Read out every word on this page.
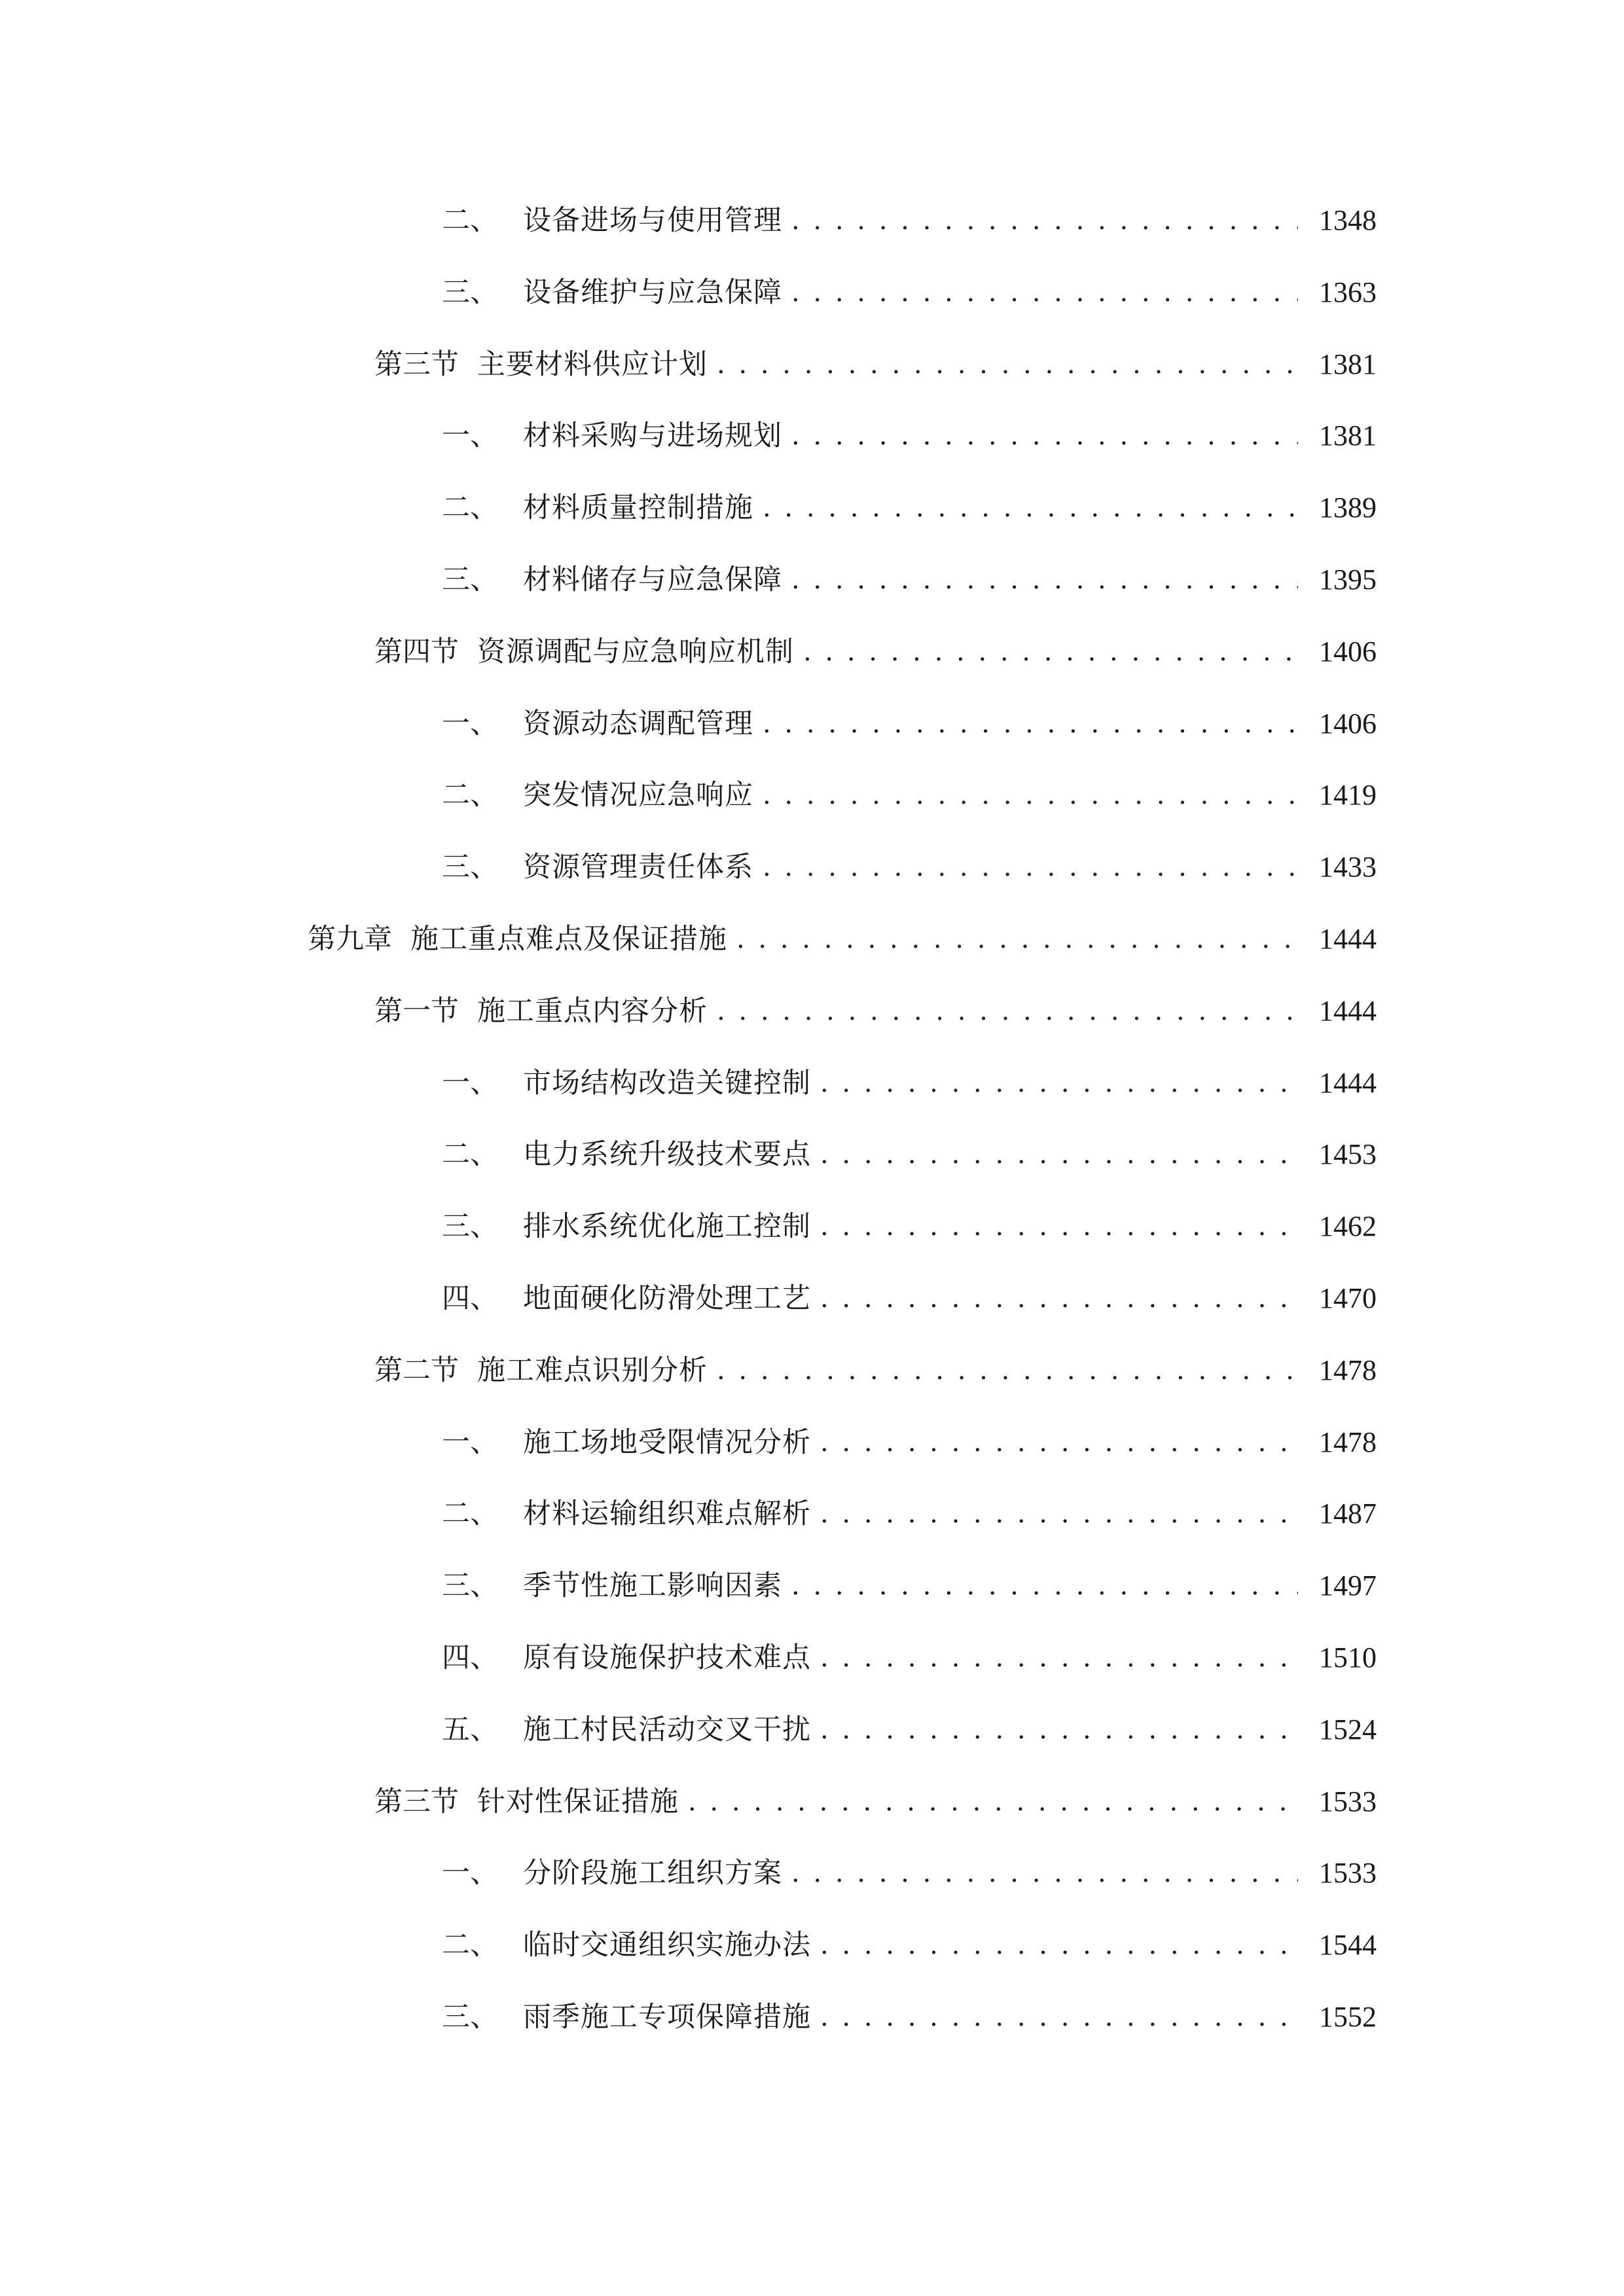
二、 设备进场与使用管理 . . .	1348
三、 设备维护与应急保障 . . .	1363
第三节 主要材料供应计划 . . .	1381
一、 材料采购与进场规划 . . .	1381
二、 材料质量控制措施 . . .	1389
三、 材料储存与应急保障 . . .	1395
第四节 资源调配与应急响应机制 . . .	1406
一、 资源动态调配管理 . . .	1406
二、 突发情况应急响应 . . .	1419
三、 资源管理责任体系 . . .	1433
第九章 施工重点难点及保证措施 . . .	1444
第一节 施工重点内容分析 . . .	1444
一、 市场结构改造关键控制 . . .	1444
二、 电力系统升级技术要点 . . .	1453
三、 排水系统优化施工控制 . . .	1462
四、 地面硬化防滑处理工艺 . . .	1470
第二节 施工难点识别分析 . . .	1478
一、 施工场地受限情况分析 . . .	1478
二、 材料运输组织难点解析 . . .	1487
三、 季节性施工影响因素 . . .	1497
四、 原有设施保护技术难点 . . .	1510
五、 施工村民活动交叉干扰 . . .	1524
第三节 针对性保证措施 . . .	1533
一、 分阶段施工组织方案 . . .	1533
二、 临时交通组织实施办法 . . .	1544
三、 雨季施工专项保障措施 . . .	1552
